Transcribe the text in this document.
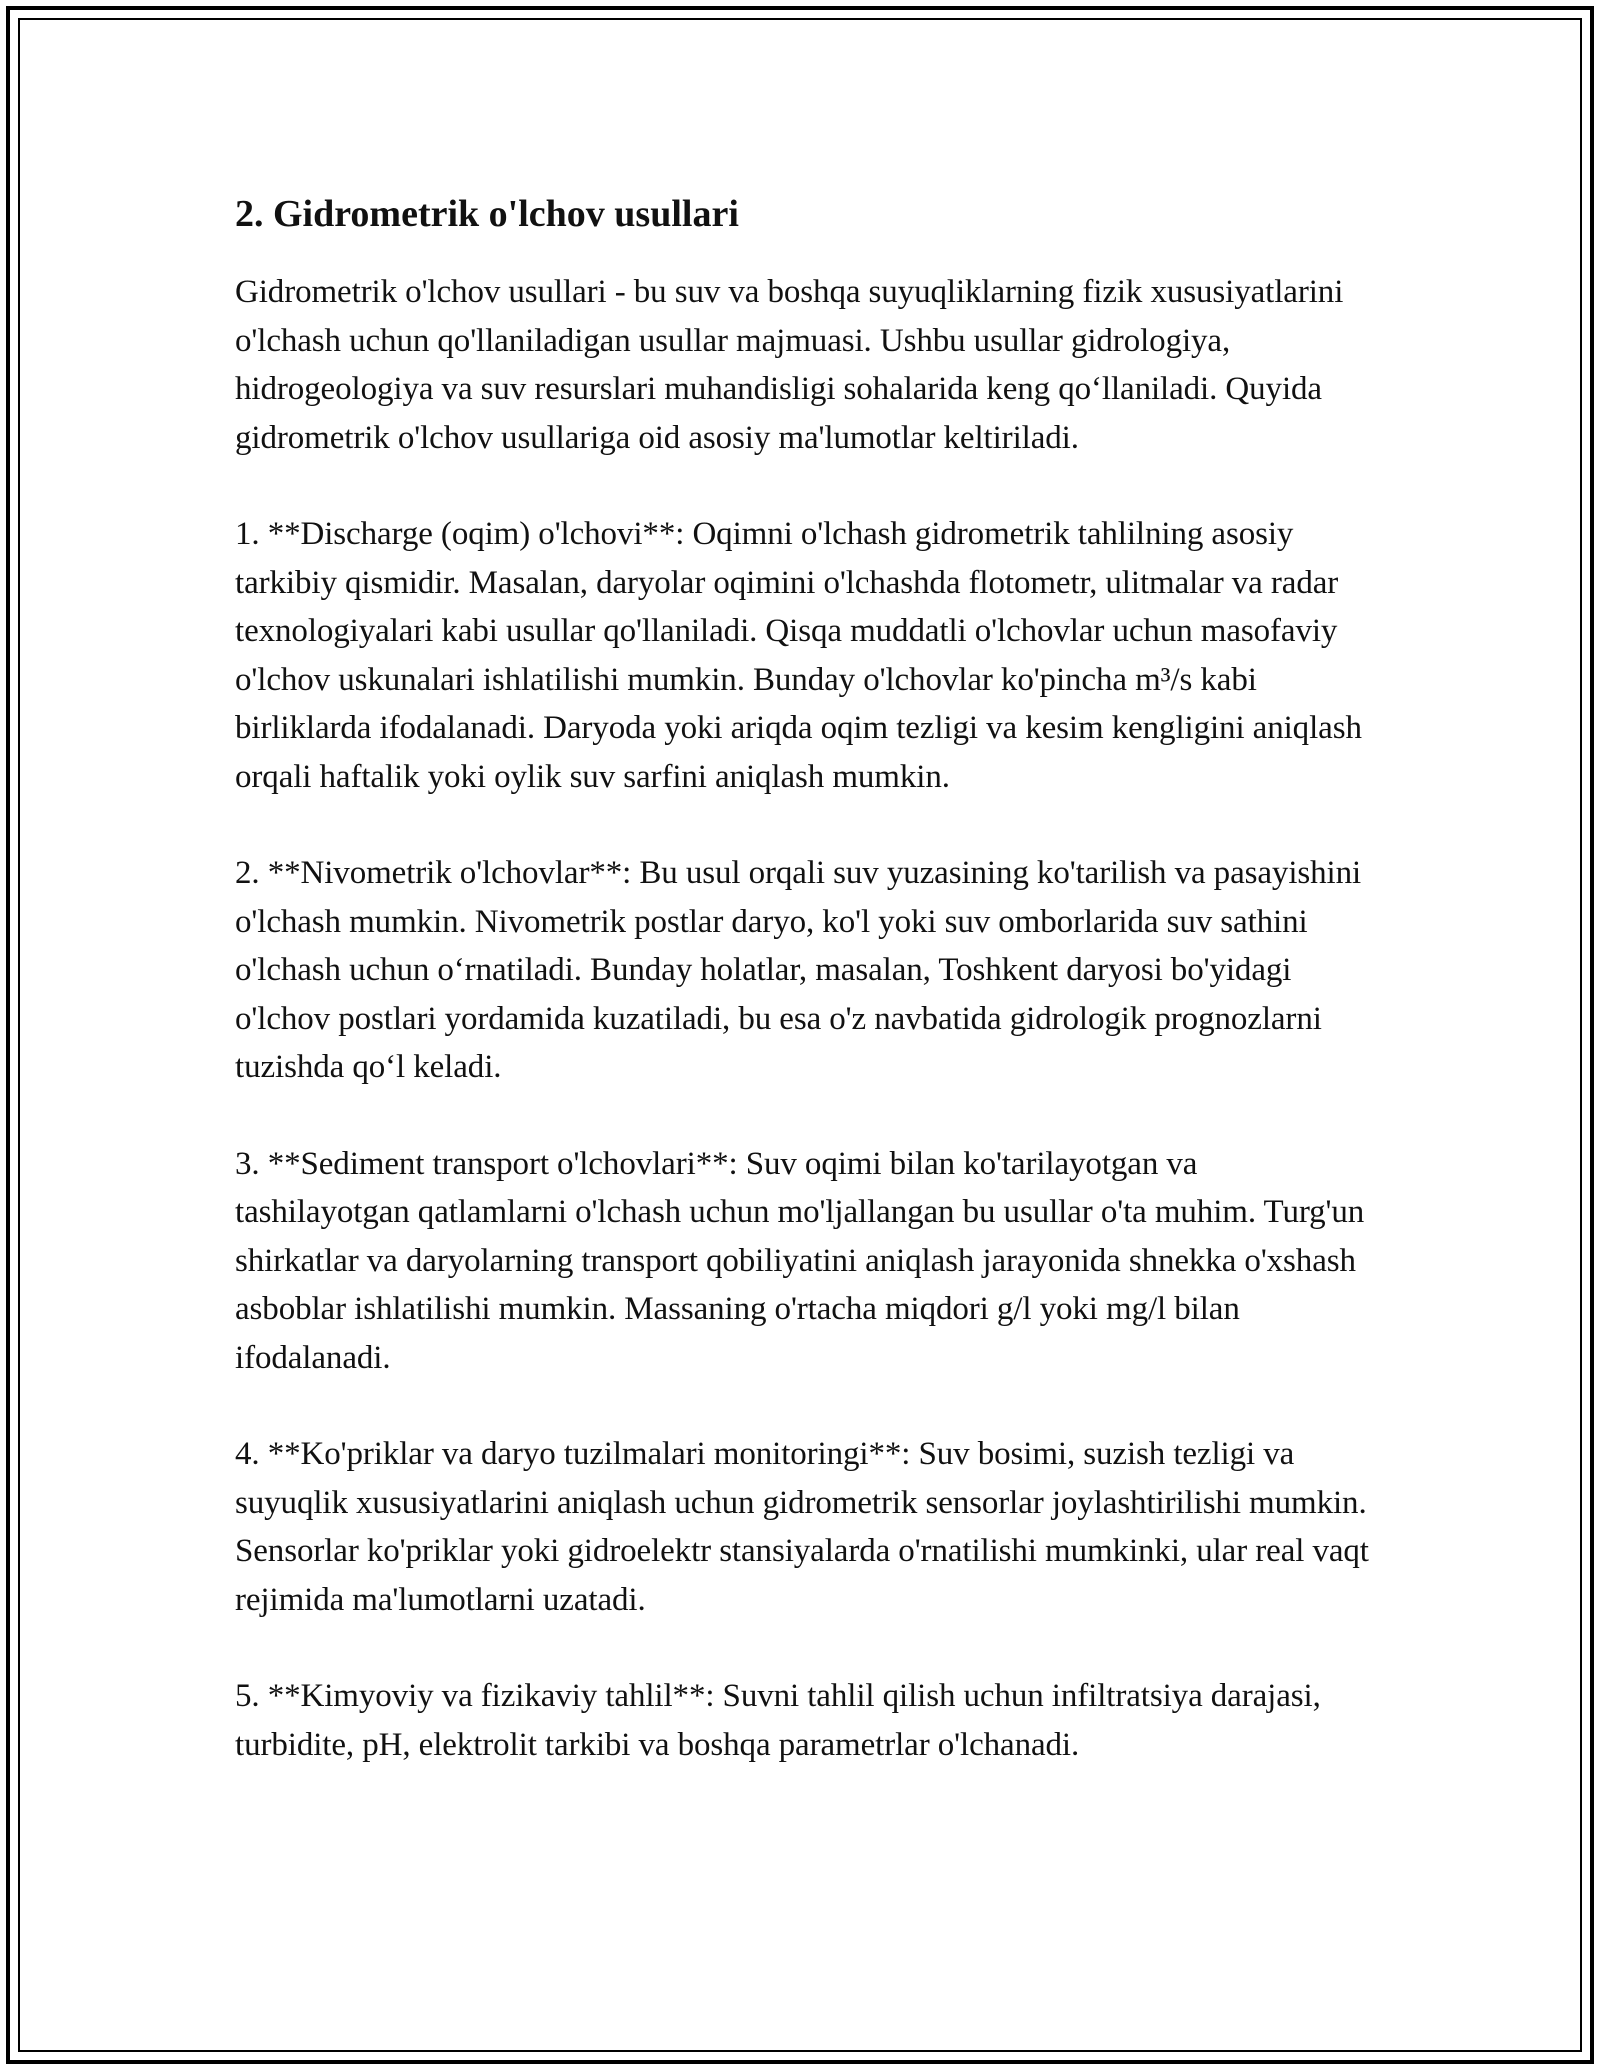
2. Gidrometrik o'lchov usullari

Gidrometrik o'lchov usullari - bu suv va boshqa suyuqliklarning fizik xususiyatlarini o'lchash uchun qo'llaniladigan usullar majmuasi. Ushbu usullar gidrologiya, hidrogeologiya va suv resurslari muhandisligi sohalarida keng qo‘llaniladi. Quyida gidrometrik o'lchov usullariga oid asosiy ma'lumotlar keltiriladi.

1. **Discharge (oqim) o'lchovi**: Oqimni o'lchash gidrometrik tahlilning asosiy tarkibiy qismidir. Masalan, daryolar oqimini o'lchashda flotometr, ulitmalar va radar texnologiyalari kabi usullar qo'llaniladi. Qisqa muddatli o'lchovlar uchun masofaviy o'lchov uskunalari ishlatilishi mumkin. Bunday o'lchovlar ko'pincha m³/s kabi birliklarda ifodalanadi. Daryoda yoki ariqda oqim tezligi va kesim kengligini aniqlash orqali haftalik yoki oylik suv sarfini aniqlash mumkin.

2. **Nivometrik o'lchovlar**: Bu usul orqali suv yuzasining ko'tarilish va pasayishini o'lchash mumkin. Nivometrik postlar daryo, ko'l yoki suv omborlarida suv sathini o'lchash uchun o‘rnatiladi. Bunday holatlar, masalan, Toshkent daryosi bo'yidagi o'lchov postlari yordamida kuzatiladi, bu esa o'z navbatida gidrologik prognozlarni tuzishda qo‘l keladi.

3. **Sediment transport o'lchovlari**: Suv oqimi bilan ko'tarilayotgan va tashilayotgan qatlamlarni o'lchash uchun mo'ljallangan bu usullar o'ta muhim. Turg'un shirkatlar va daryolarning transport qobiliyatini aniqlash jarayonida shnekka o'xshash asboblar ishlatilishi mumkin. Massaning o'rtacha miqdori g/l yoki mg/l bilan ifodalanadi.

4. **Ko'priklar va daryo tuzilmalari monitoringi**: Suv bosimi, suzish tezligi va suyuqlik xususiyatlarini aniqlash uchun gidrometrik sensorlar joylashtirilishi mumkin. Sensorlar ko'priklar yoki gidroelektr stansiyalarda o'rnatilishi mumkinki, ular real vaqt rejimida ma'lumotlarni uzatadi.

5. **Kimyoviy va fizikaviy tahlil**: Suvni tahlil qilish uchun infiltratsiya darajasi, turbidite, pH, elektrolit tarkibi va boshqa parametrlar o'lchanadi.
